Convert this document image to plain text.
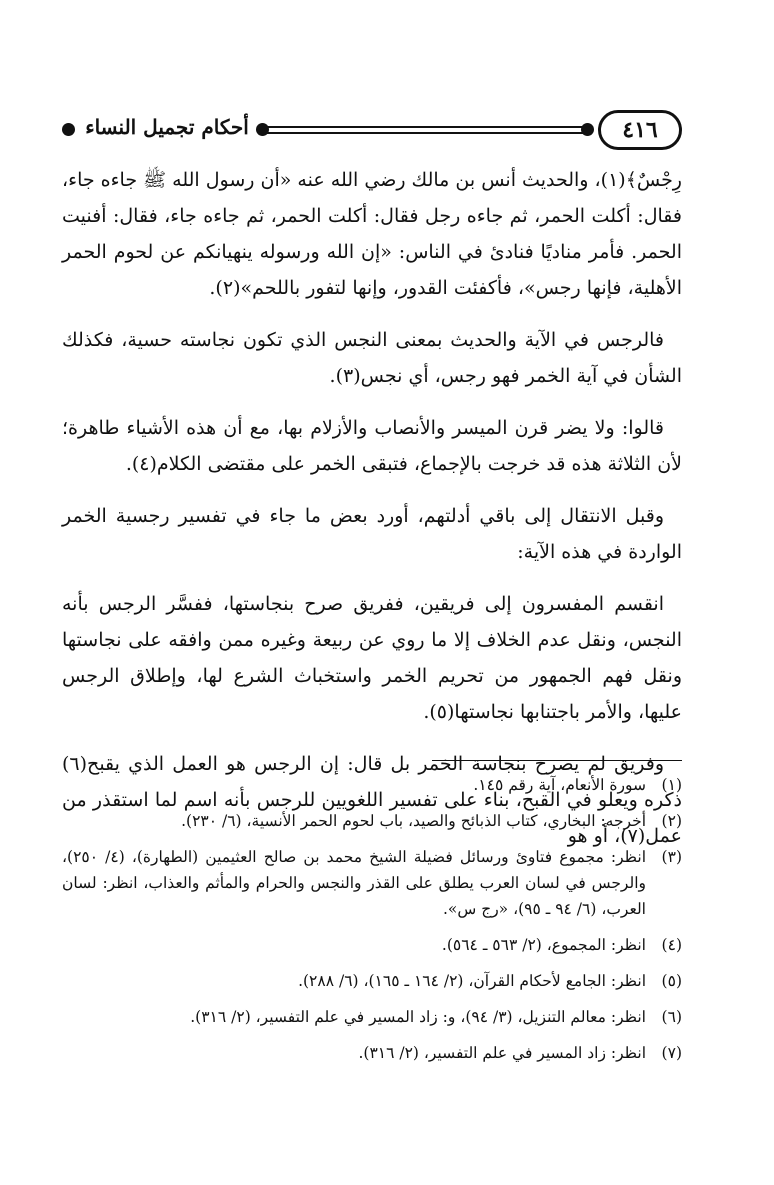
٤١٦
أحكام تجميل النساء

رِجْسٌ﴾(١)، والحديث أنس بن مالك رضي الله عنه «أن رسول الله ﷺ جاءه جاء، فقال: أكلت الحمر، ثم جاءه رجل فقال: أكلت الحمر، ثم جاءه جاء، فقال: أفنيت الحمر. فأمر مناديًا فنادئ في الناس: «إن الله ورسوله ينهيانكم عن لحوم الحمر الأهلية، فإنها رجس»، فأكفئت القدور، وإنها لتفور باللحم»(٢).

فالرجس في الآية والحديث بمعنى النجس الذي تكون نجاسته حسية، فكذلك الشأن في آية الخمر فهو رجس، أي نجس(٣).

قالوا: ولا يضر قرن الميسر والأنصاب والأزلام بها، مع أن هذه الأشياء طاهرة؛ لأن الثلاثة هذه قد خرجت بالإجماع، فتبقى الخمر على مقتضى الكلام(٤).

وقبل الانتقال إلى باقي أدلتهم، أورد بعض ما جاء في تفسير رجسية الخمر الواردة في هذه الآية:

انقسم المفسرون إلى فريقين، ففريق صرح بنجاستها، ففسَّر الرجس بأنه النجس، ونقل عدم الخلاف إلا ما روي عن ربيعة وغيره ممن وافقه على نجاستها ونقل فهم الجمهور من تحريم الخمر واستخباث الشرع لها، وإطلاق الرجس عليها، والأمر باجتنابها نجاستها(٥).

وفريق لم يصرح بنجاسة الخمر بل قال: إن الرجس هو العمل الذي يقبح(٦) ذكره ويعلو في القبح، بناء على تفسير اللغويين للرجس بأنه اسم لما استقذر من عمل(٧)، أو هو

(١)
سورة الأنعام، آية رقم ١٤٥.
(٢)
أخرجه: البخاري، كتاب الذبائح والصيد، باب لحوم الحمر الأنسية، (٦/ ٢٣٠).
(٣)
انظر: مجموع فتاوئ ورسائل فضيلة الشيخ محمد بن صالح العثيمين (الطهارة)، (٤/ ٢٥٠)، والرجس في لسان العرب يطلق على القذر والنجس والحرام والمأثم والعذاب، انظر: لسان العرب، (٦/ ٩٤ ـ ٩٥)، «رج س».
(٤)
انظر: المجموع، (٢/ ٥٦٣ ـ ٥٦٤).
(٥)
انظر: الجامع لأحكام القرآن، (٢/ ١٦٤ ـ ١٦٥)، (٦/ ٢٨٨).
(٦)
انظر: معالم التنزيل، (٣/ ٩٤)، و: زاد المسير في علم التفسير، (٢/ ٣١٦).
(٧)
انظر: زاد المسير في علم التفسير، (٢/ ٣١٦).
